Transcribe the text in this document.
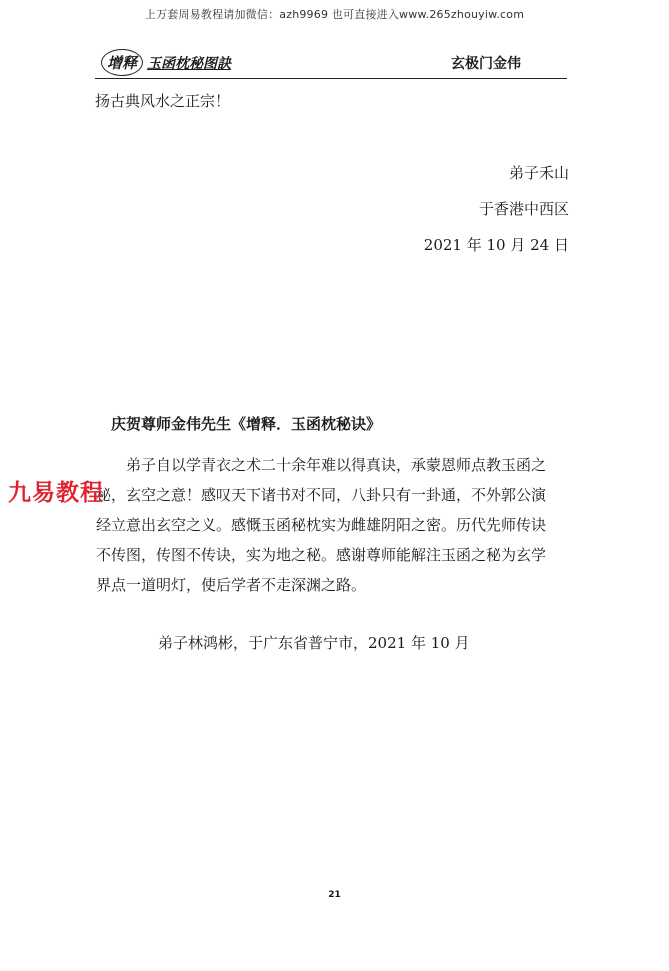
上万套周易教程请加微信：azh9969 也可直接进入www.265zhouyiw.com
增释 玉函枕秘图訣	玄极门金伟
扬古典风水之正宗！
弟子禾山
于香港中西区
2021 年 10 月 24 日
庆贺尊师金伟先生《增释．玉函枕秘诀》
弟子自以学青衣之术二十余年难以得真诀，承蒙恩师点教玉函之
秘，玄空之意！感叹天下诸书对不同，八卦只有一卦通，不外郭公演
经立意出玄空之义。感慨玉函秘枕实为雌雄阴阳之密。历代先师传诀
不传图，传图不传诀，实为地之秘。感谢尊师能解注玉函之秘为玄学
界点一道明灯，使后学者不走深渊之路。
弟子林鸿彬，于广东省普宁市，2021 年 10 月
九易教程
21
